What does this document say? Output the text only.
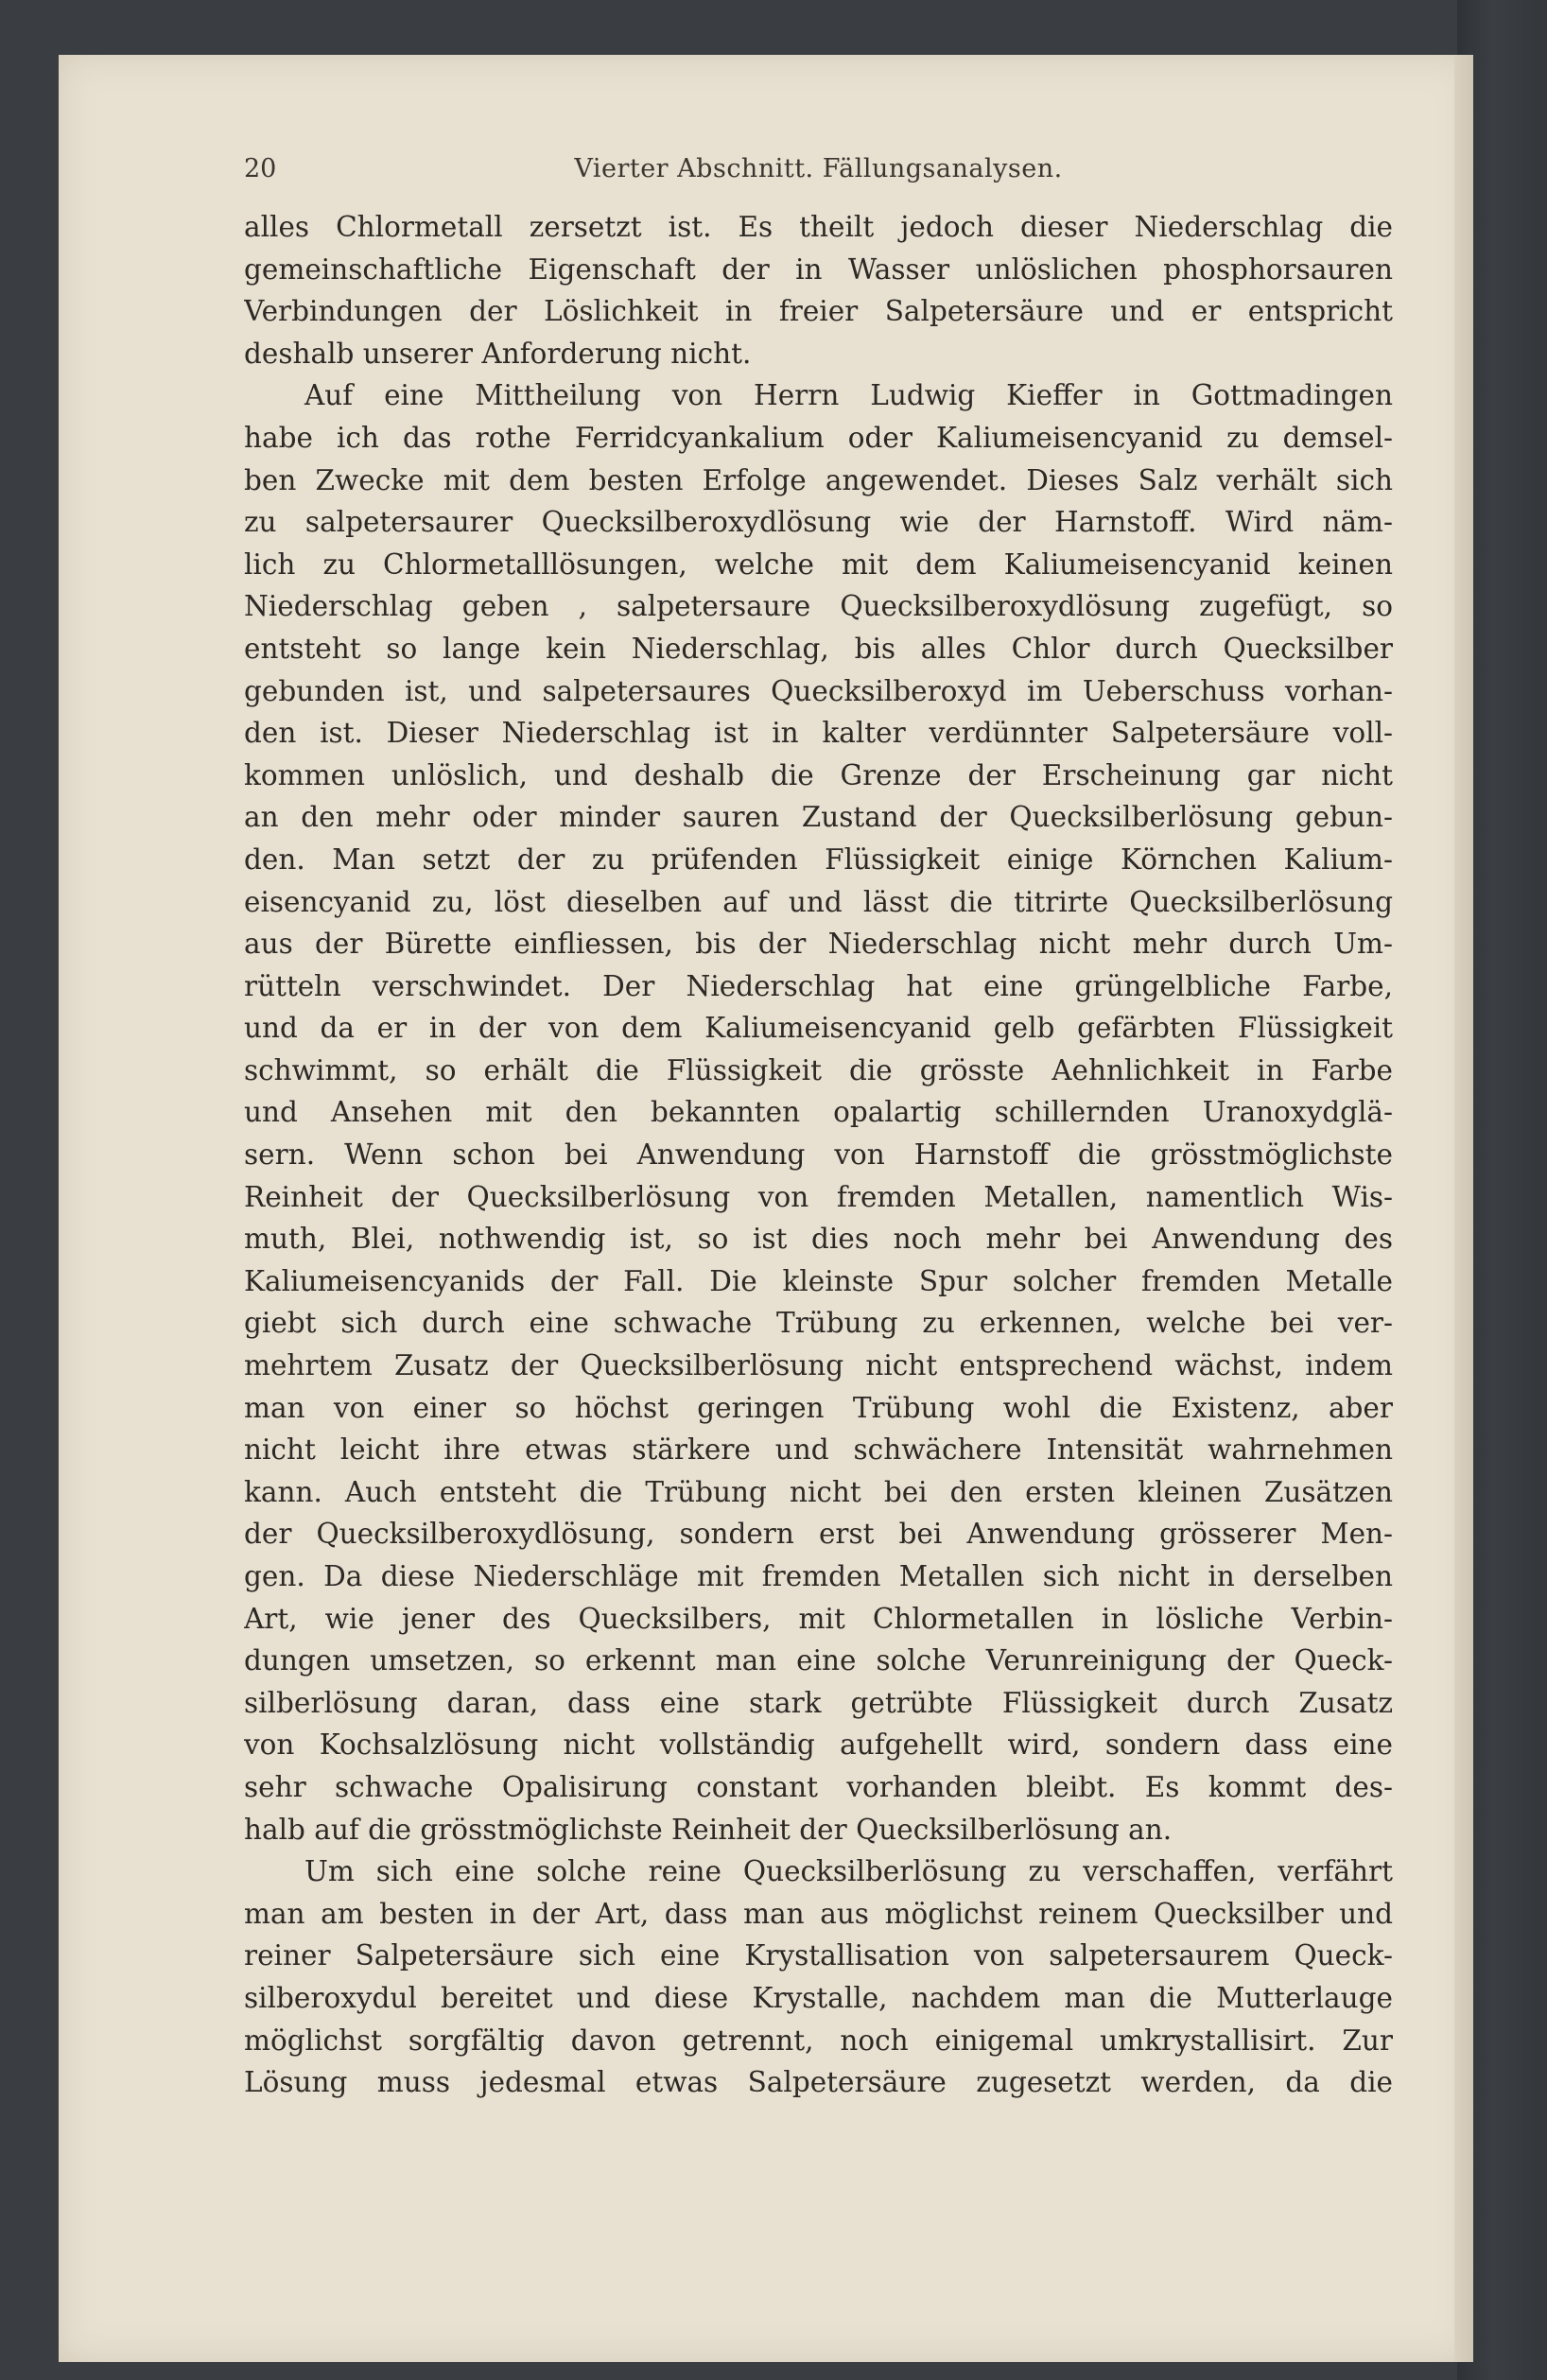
20	Vierter Abschnitt. Fällungsanalysen.
alles Chlormetall zersetzt ist. Es theilt jedoch dieser Niederschlag die
gemeinschaftliche Eigenschaft der in Wasser unlöslichen phosphorsauren
Verbindungen der Löslichkeit in freier Salpetersäure und er entspricht
deshalb unserer Anforderung nicht.
Auf eine Mittheilung von Herrn Ludwig Kieffer in Gottmadingen
habe ich das rothe Ferridcyankalium oder Kaliumeisencyanid zu demsel-
ben Zwecke mit dem besten Erfolge angewendet. Dieses Salz verhält sich
zu salpetersaurer Quecksilberoxydlösung wie der Harnstoff. Wird näm-
lich zu Chlormetalllösungen, welche mit dem Kaliumeisencyanid keinen
Niederschlag geben , salpetersaure Quecksilberoxydlösung zugefügt, so
entsteht so lange kein Niederschlag, bis alles Chlor durch Quecksilber
gebunden ist, und salpetersaures Quecksilberoxyd im Ueberschuss vorhan-
den ist. Dieser Niederschlag ist in kalter verdünnter Salpetersäure voll-
kommen unlöslich, und deshalb die Grenze der Erscheinung gar nicht
an den mehr oder minder sauren Zustand der Quecksilberlösung gebun-
den. Man setzt der zu prüfenden Flüssigkeit einige Körnchen Kalium-
eisencyanid zu, löst dieselben auf und lässt die titrirte Quecksilberlösung
aus der Bürette einfliessen, bis der Niederschlag nicht mehr durch Um-
rütteln verschwindet. Der Niederschlag hat eine grüngelbliche Farbe,
und da er in der von dem Kaliumeisencyanid gelb gefärbten Flüssigkeit
schwimmt, so erhält die Flüssigkeit die grösste Aehnlichkeit in Farbe
und Ansehen mit den bekannten opalartig schillernden Uranoxydglä-
sern. Wenn schon bei Anwendung von Harnstoff die grösstmöglichste
Reinheit der Quecksilberlösung von fremden Metallen, namentlich Wis-
muth, Blei, nothwendig ist, so ist dies noch mehr bei Anwendung des
Kaliumeisencyanids der Fall. Die kleinste Spur solcher fremden Metalle
giebt sich durch eine schwache Trübung zu erkennen, welche bei ver-
mehrtem Zusatz der Quecksilberlösung nicht entsprechend wächst, indem
man von einer so höchst geringen Trübung wohl die Existenz, aber
nicht leicht ihre etwas stärkere und schwächere Intensität wahrnehmen
kann. Auch entsteht die Trübung nicht bei den ersten kleinen Zusätzen
der Quecksilberoxydlösung, sondern erst bei Anwendung grösserer Men-
gen. Da diese Niederschläge mit fremden Metallen sich nicht in derselben
Art, wie jener des Quecksilbers, mit Chlormetallen in lösliche Verbin-
dungen umsetzen, so erkennt man eine solche Verunreinigung der Queck-
silberlösung daran, dass eine stark getrübte Flüssigkeit durch Zusatz
von Kochsalzlösung nicht vollständig aufgehellt wird, sondern dass eine
sehr schwache Opalisirung constant vorhanden bleibt. Es kommt des-
halb auf die grösstmöglichste Reinheit der Quecksilberlösung an.
Um sich eine solche reine Quecksilberlösung zu verschaffen, verfährt
man am besten in der Art, dass man aus möglichst reinem Quecksilber und
reiner Salpetersäure sich eine Krystallisation von salpetersaurem Queck-
silberoxydul bereitet und diese Krystalle, nachdem man die Mutterlauge
möglichst sorgfältig davon getrennt, noch einigemal umkrystallisirt. Zur
Lösung muss jedesmal etwas Salpetersäure zugesetzt werden, da die
